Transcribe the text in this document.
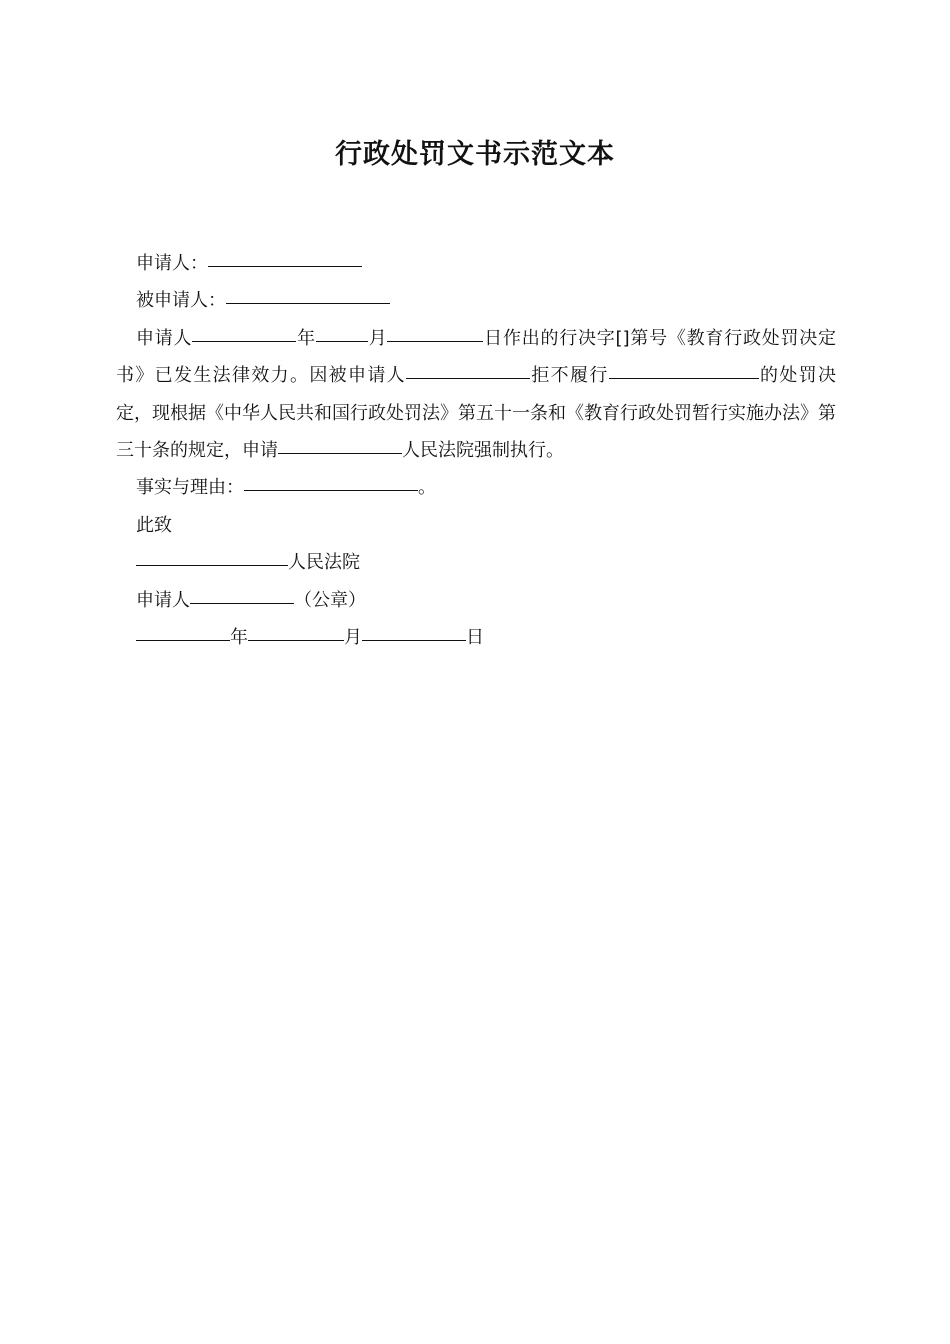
行政处罚文书示范文本

申请人：

被申请人：

申请人	年	月	日作出的行决字[]第号《教育行政处罚决定书》已发生法律效力。因被申请人	拒不履行	的处罚决定，现根据《中华人民共和国行政处罚法》第五十一条和《教育行政处罚暂行实施办法》第三十条的规定，申请	人民法院强制执行。

事实与理由：	。

此致

人民法院

申请人	（公章）

年	月	日
